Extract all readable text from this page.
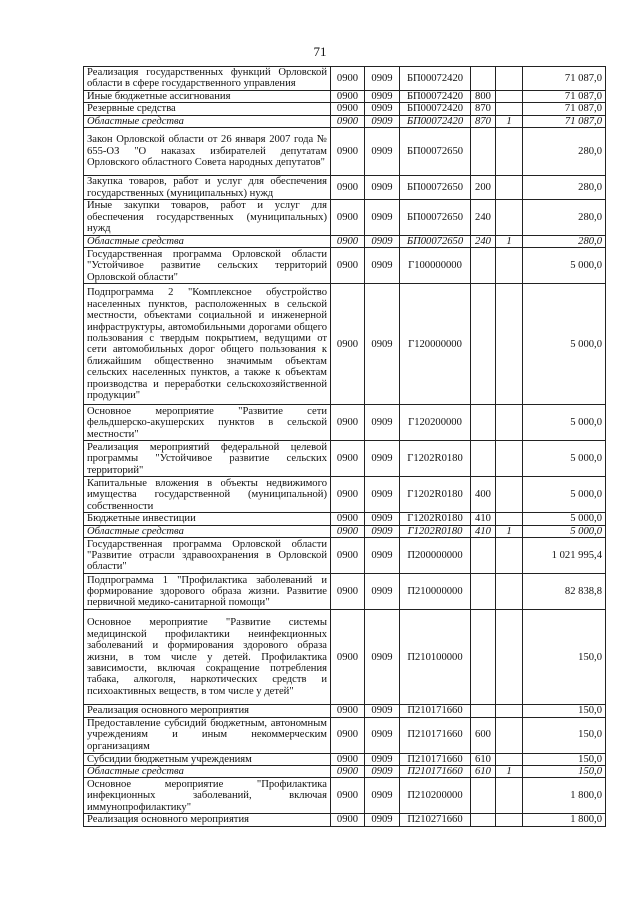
71
Реализация государственных функций Орловской области в сфере государственного управления	0900	0909	БП00072420			71 087,0
Иные бюджетные ассигнования	0900	0909	БП00072420	800		71 087,0
Резервные средства	0900	0909	БП00072420	870		71 087,0
Областные средства	0900	0909	БП00072420	870	1	71 087,0
Закон Орловской области от 26 января 2007 года № 655-ОЗ "О наказах избирателей депутатам Орловского областного Совета народных депутатов"	0900	0909	БП00072650			280,0
Закупка товаров, работ и услуг для обеспечения государственных (муниципальных) нужд	0900	0909	БП00072650	200		280,0
Иные закупки товаров, работ и услуг для обеспечения государственных (муниципальных) нужд	0900	0909	БП00072650	240		280,0
Областные средства	0900	0909	БП00072650	240	1	280,0
Государственная программа Орловской области "Устойчивое развитие сельских территорий Орловской области"	0900	0909	Г100000000			5 000,0
Подпрограмма 2 "Комплексное обустройство населенных пунктов, расположенных в сельской местности, объектами социальной и инженерной инфраструктуры, автомобильными дорогами общего пользования с твердым покрытием, ведущими от сети автомобильных дорог общего пользования к ближайшим общественно значимым объектам сельских населенных пунктов, а также к объектам производства и переработки сельскохозяйственной продукции"	0900	0909	Г120000000			5 000,0
Основное мероприятие "Развитие сети фельдшерско-акушерских пунктов в сельской местности"	0900	0909	Г120200000			5 000,0
Реализация мероприятий федеральной целевой программы "Устойчивое развитие сельских территорий"	0900	0909	Г1202R0180			5 000,0
Капитальные вложения в объекты недвижимого имущества государственной (муниципальной) собственности	0900	0909	Г1202R0180	400		5 000,0
Бюджетные инвестиции	0900	0909	Г1202R0180	410		5 000,0
Областные средства	0900	0909	Г1202R0180	410	1	5 000,0
Государственная программа Орловской области "Развитие отрасли здравоохранения в Орловской области"	0900	0909	П200000000			1 021 995,4
Подпрограмма 1 "Профилактика заболеваний и формирование здорового образа жизни. Развитие первичной медико-санитарной помощи"	0900	0909	П210000000			82 838,8
Основное мероприятие "Развитие системы медицинской профилактики неинфекционных заболеваний и формирования здорового образа жизни, в том числе у детей. Профилактика зависимости, включая сокращение потребления табака, алкоголя, наркотических средств и психоактивных веществ, в том числе у детей"	0900	0909	П210100000			150,0
Реализация основного мероприятия	0900	0909	П210171660			150,0
Предоставление субсидий бюджетным, автономным учреждениям и иным некоммерческим организациям	0900	0909	П210171660	600		150,0
Субсидии бюджетным учреждениям	0900	0909	П210171660	610		150,0
Областные средства	0900	0909	П210171660	610	1	150,0
Основное мероприятие "Профилактика инфекционных заболеваний, включая иммунопрофилактику"	0900	0909	П210200000			1 800,0
Реализация основного мероприятия	0900	0909	П210271660			1 800,0
